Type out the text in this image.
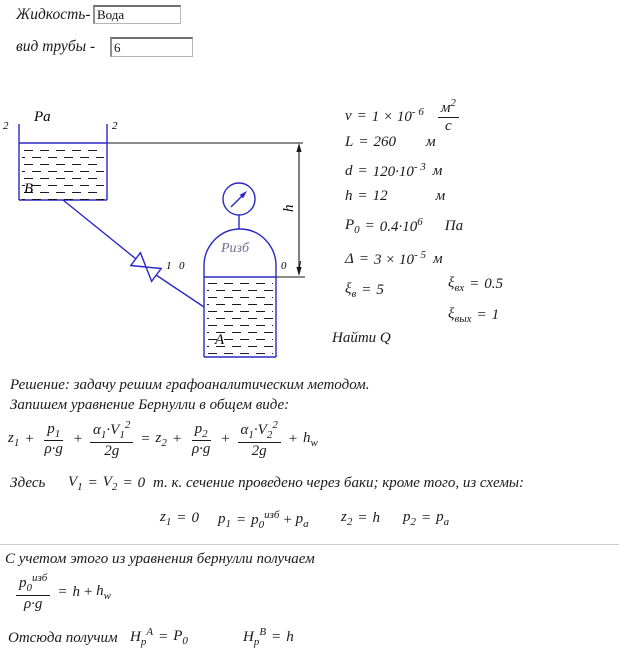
Жидкость-
Вода
вид трубы -
6
Pa
2	2
B
Ризб
A
1 0	0 1
h
$\nu = 1 \times 10^{- 6} \frac{м^2}{c}$
L = 260 м
$d = 120\cdot 10^{- 3}$ м
h = 12	м
$P_0 = 0.4\cdot 10^6$ Па
$\Delta = 3 \times 10^{- 5}$ м
$\xi_в = 5$	$\xi_{вх} = 0.5$
$\xi_{вых} = 1$
Найти Q
Решение: задачу решим графоаналитическим методом.
Запишем уравнение Бернулли в общем виде:
$z_1 + \frac{p_1}{\rho\cdot g} + \frac{\alpha_1\cdot V_1^2}{2g} = z_2 + \frac{p_2}{\rho\cdot g} + \frac{\alpha_1\cdot V_2^2}{2g} + h_w$
Здесь $V_1 = V_2 = 0$ т. к. сечение проведено через баки; кроме того, из схемы:
$z_1 = 0$ $p_1 = p_0^{изб} + p_a$ $z_2 = h$ $p_2 = p_a$
С учетом этого из уравнения бернулли получаем
$\frac{p_0^{изб}}{\rho\cdot g} = h + h_w$
Отсюда получим $H_p^A = P_0$	$H_p^B = h$
